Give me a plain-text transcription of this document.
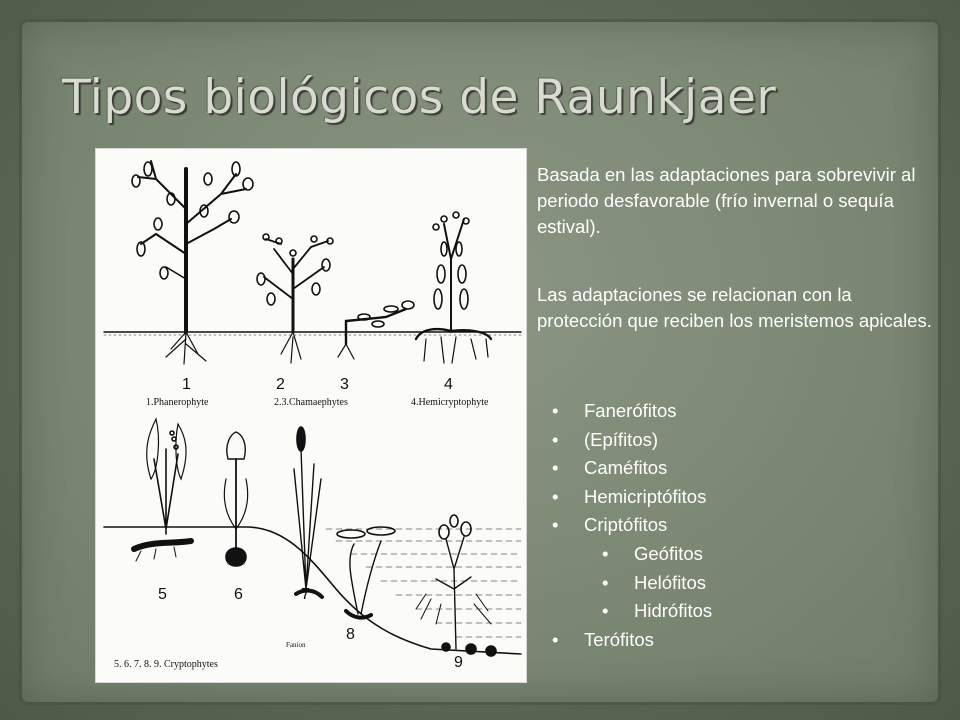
Tipos biológicos de Raunkjaer
1	2	3	4
1.Phanerophyte	2.3.Chamaephytes	4.Hemicryptophyte
5	6	7
8
9
Fanion
5. 6. 7. 8. 9. Cryptophytes

Basada en las adaptaciones para sobrevivir al periodo desfavorable (frío invernal o sequía estival).

Las adaptaciones se relacionan con la protección que reciben los meristemos apicales.

• Fanerófitos
• (Epífitos)
• Caméfitos
• Hemicriptófitos
• Criptófitos
• Geófitos
• Helófitos
• Hidrófitos
• Terófitos
